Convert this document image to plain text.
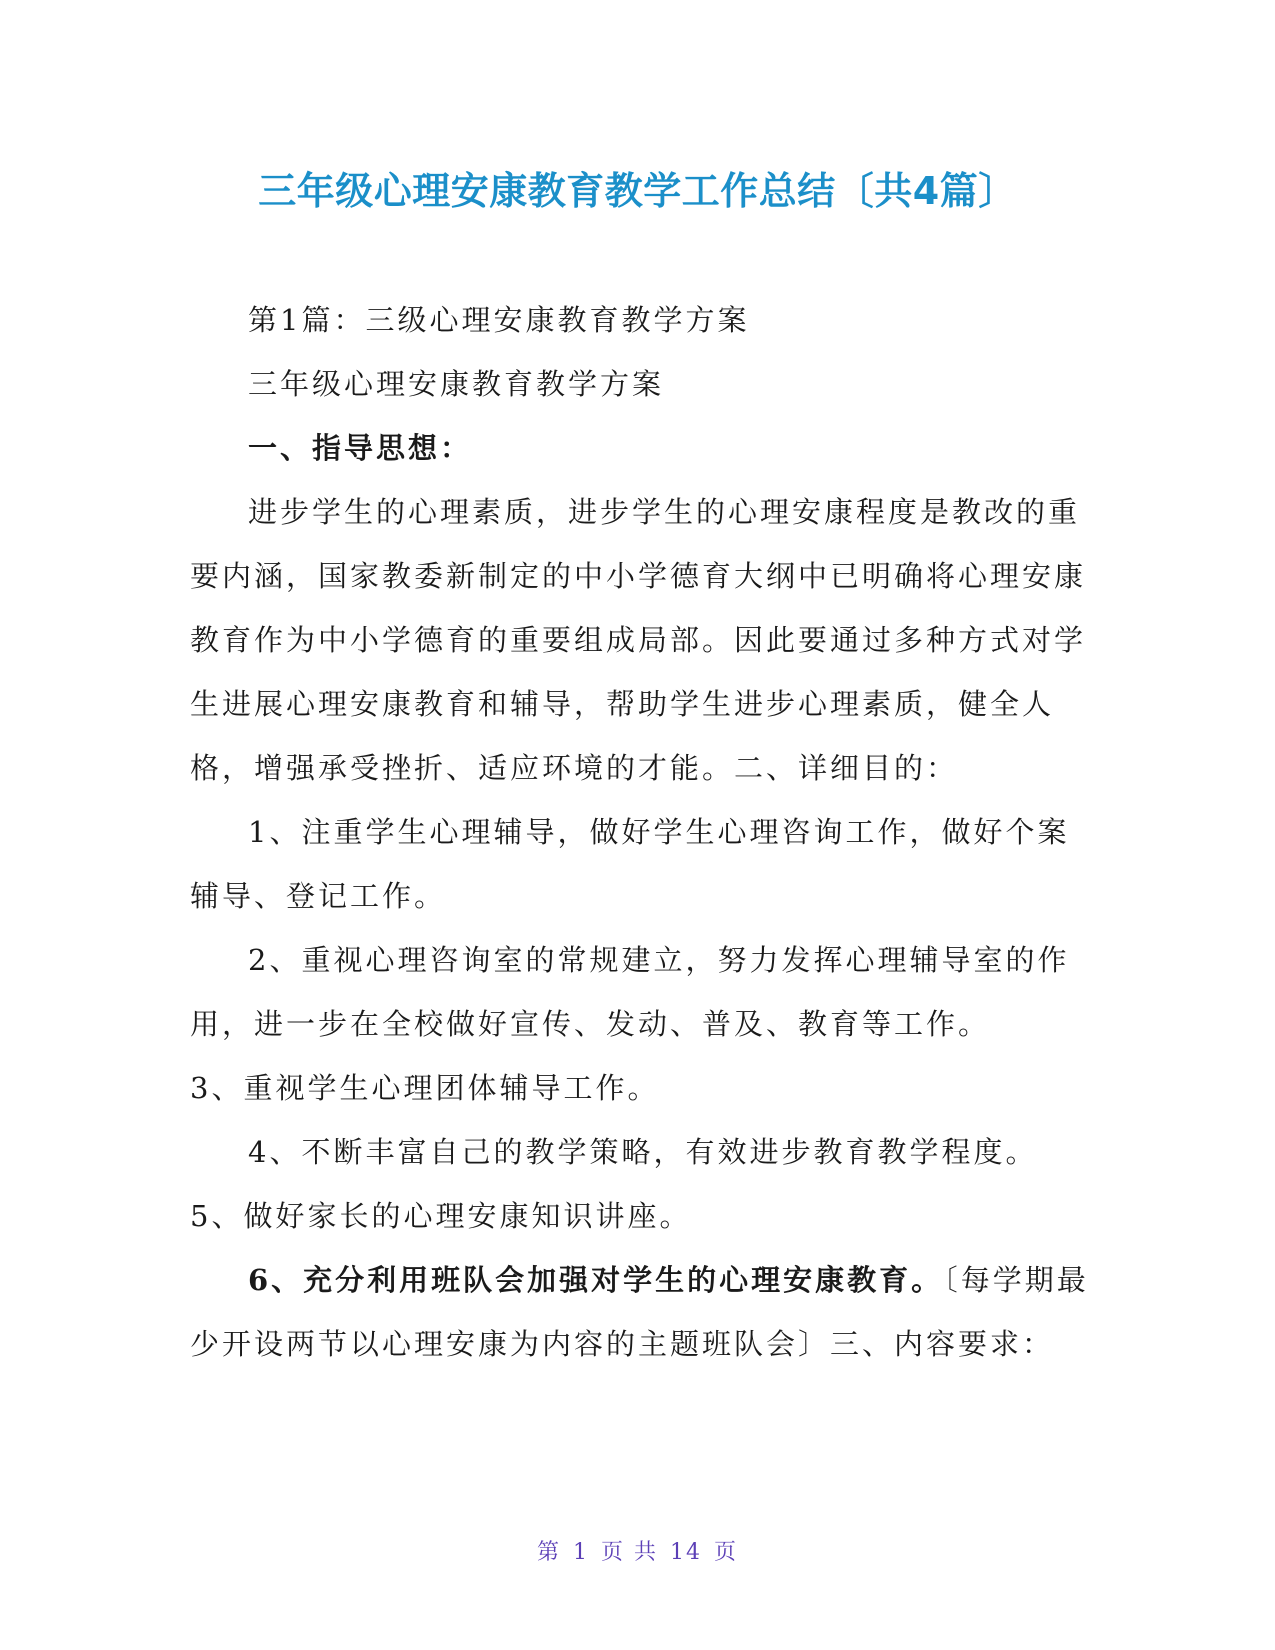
三年级心理安康教育教学工作总结〔共4篇〕

第1篇：三级心理安康教育教学方案

三年级心理安康教育教学方案

一、指导思想：

进步学生的心理素质，进步学生的心理安康程度是教改的重要内涵，国家教委新制定的中小学德育大纲中已明确将心理安康教育作为中小学德育的重要组成局部。因此要通过多种方式对学生进展心理安康教育和辅导，帮助学生进步心理素质，健全人格，增强承受挫折、适应环境的才能。二、详细目的：

1、注重学生心理辅导，做好学生心理咨询工作，做好个案辅导、登记工作。

2、重视心理咨询室的常规建立，努力发挥心理辅导室的作用，进一步在全校做好宣传、发动、普及、教育等工作。

3、重视学生心理团体辅导工作。

4、不断丰富自己的教学策略，有效进步教育教学程度。

5、做好家长的心理安康知识讲座。

6、充分利用班队会加强对学生的心理安康教育。〔每学期最少开设两节以心理安康为内容的主题班队会〕三、内容要求：

第 1 页 共 14 页
